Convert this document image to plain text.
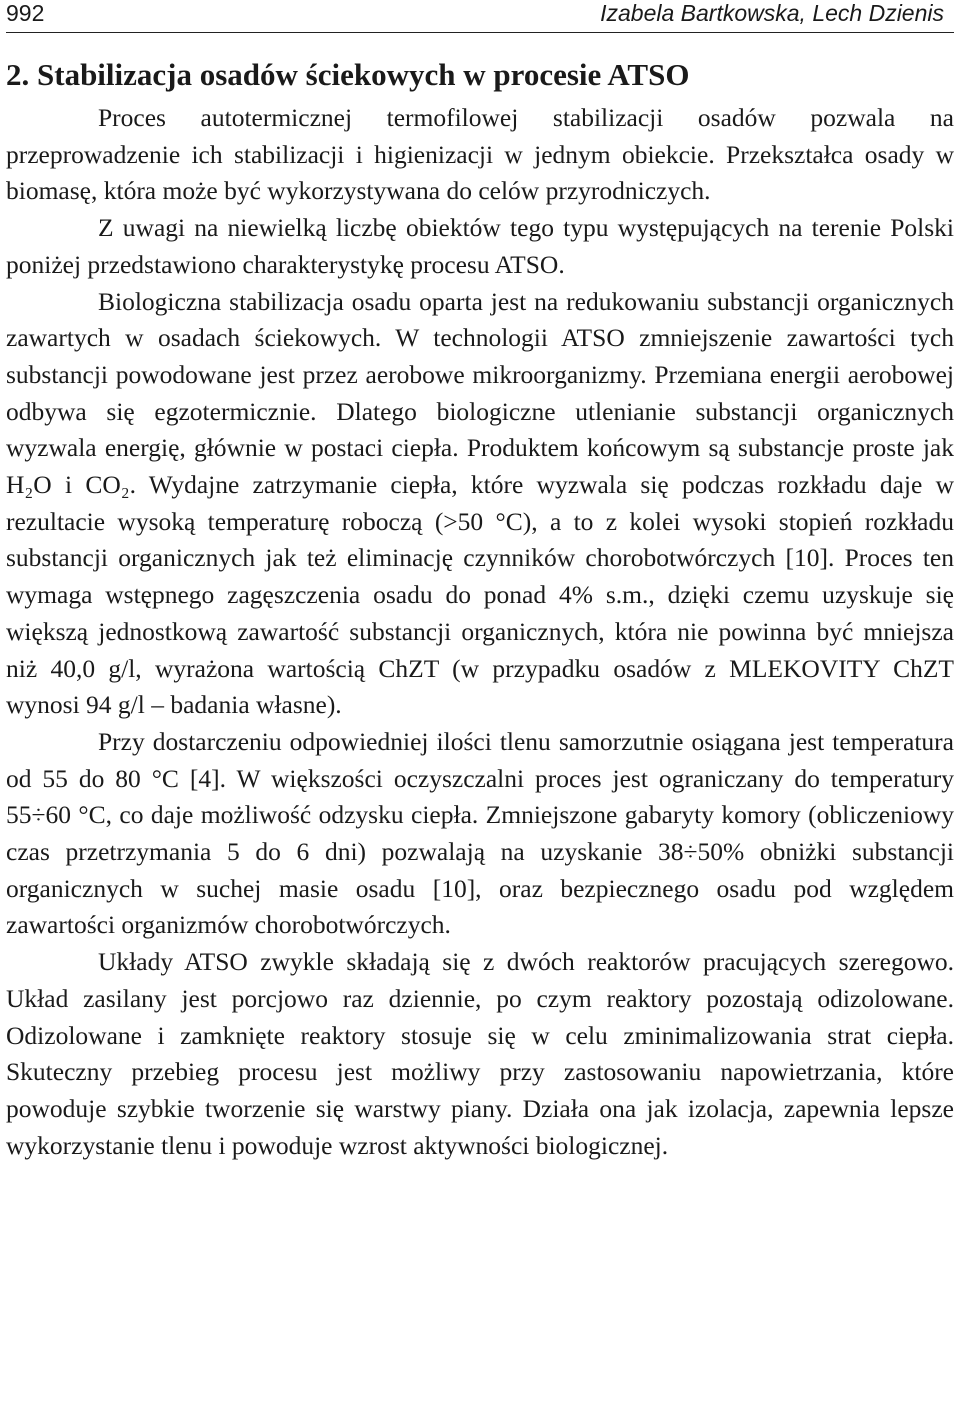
992	Izabela Bartkowska, Lech Dzienis
2. Stabilizacja osadów ściekowych w procesie ATSO

Proces autotermicznej termofilowej stabilizacji osadów pozwala na przeprowadzenie ich stabilizacji i higienizacji w jednym obiekcie. Przekształca osady w biomasę, która może być wykorzystywana do celów przyrodniczych.

Z uwagi na niewielką liczbę obiektów tego typu występujących na terenie Polski poniżej przedstawiono charakterystykę procesu ATSO.

Biologiczna stabilizacja osadu oparta jest na redukowaniu substancji organicznych zawartych w osadach ściekowych. W technologii ATSO zmniejszenie zawartości tych substancji powodowane jest przez aerobowe mikroorganizmy. Przemiana energii aerobowej odbywa się egzotermicznie. Dlatego biologiczne utlenianie substancji organicznych wyzwala energię, głównie w postaci ciepła. Produktem końcowym są substancje proste jak H₂O i CO₂. Wydajne zatrzymanie ciepła, które wyzwala się podczas rozkładu daje w rezultacie wysoką temperaturę roboczą (>50 °C), a to z kolei wysoki stopień rozkładu substancji organicznych jak też eliminację czynników chorobotwórczych [10]. Proces ten wymaga wstępnego zagęszczenia osadu do ponad 4% s.m., dzięki czemu uzyskuje się większą jednostkową zawartość substancji organicznych, która nie powinna być mniejsza niż 40,0 g/l, wyrażona wartością ChZT (w przypadku osadów z MLEKOVITY ChZT wynosi 94 g/l – badania własne).

Przy dostarczeniu odpowiedniej ilości tlenu samorzutnie osiągana jest temperatura od 55 do 80 °C [4]. W większości oczyszczalni proces jest ograniczany do temperatury 55÷60 °C, co daje możliwość odzysku ciepła. Zmniejszone gabaryty komory (obliczeniowy czas przetrzymania 5 do 6 dni) pozwalają na uzyskanie 38÷50% obniżki substancji organicznych w suchej masie osadu [10], oraz bezpiecznego osadu pod względem zawartości organizmów chorobotwórczych.

Układy ATSO zwykle składają się z dwóch reaktorów pracujących szeregowo. Układ zasilany jest porcjowo raz dziennie, po czym reaktory pozostają odizolowane. Odizolowane i zamknięte reaktory stosuje się w celu zminimalizowania strat ciepła. Skuteczny przebieg procesu jest możliwy przy zastosowaniu napowietrzania, które powoduje szybkie tworzenie się warstwy piany. Działa ona jak izolacja, zapewnia lepsze wykorzystanie tlenu i powoduje wzrost aktywności biologicznej.
